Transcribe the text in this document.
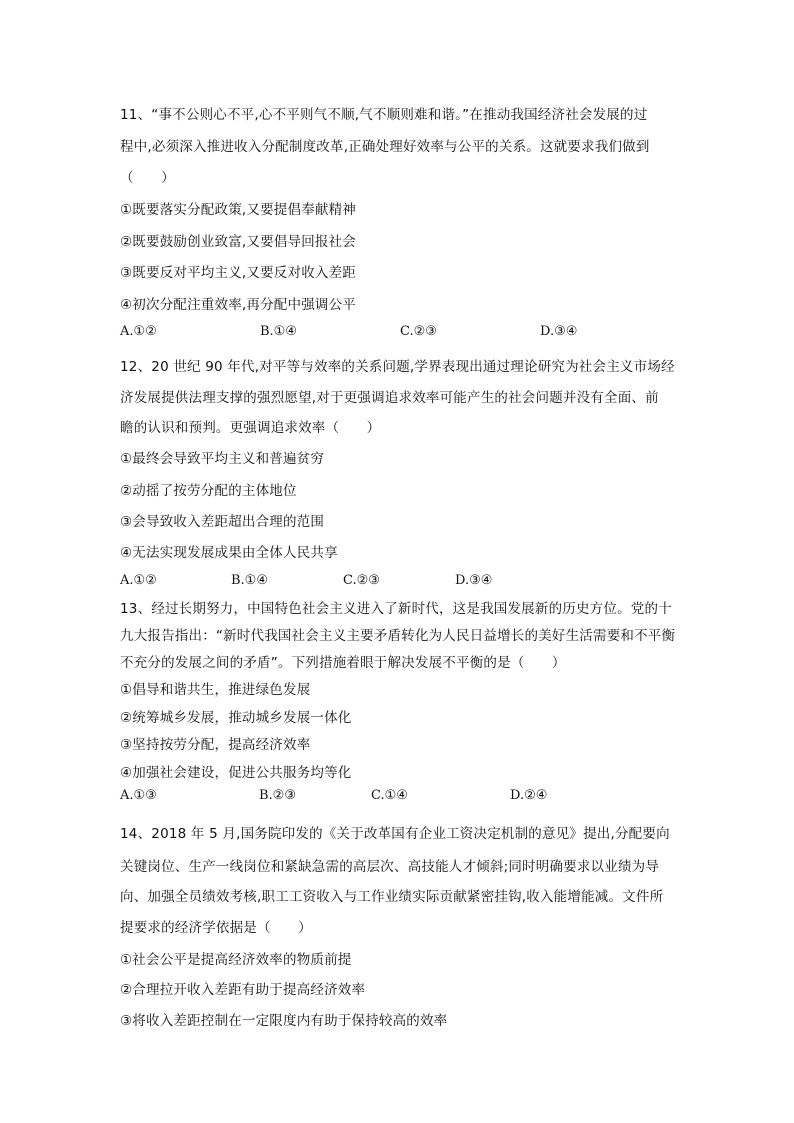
11、“事不公则心不平,心不平则气不顺,气不顺则难和谐。”在推动我国经济社会发展的过
程中,必须深入推进收入分配制度改革,正确处理好效率与公平的关系。这就要求我们做到
（　　）
①既要落实分配政策,又要提倡奉献精神
②既要鼓励创业致富,又要倡导回报社会
③既要反对平均主义,又要反对收入差距
④初次分配注重效率,再分配中强调公平
A.①②	B.①④	C.②③	D.③④
12、20 世纪 90 年代,对平等与效率的关系问题,学界表现出通过理论研究为社会主义市场经
济发展提供法理支撑的强烈愿望,对于更强调追求效率可能产生的社会问题并没有全面、前
瞻的认识和预判。更强调追求效率（　　）
①最终会导致平均主义和普遍贫穷
②动摇了按劳分配的主体地位
③会导致收入差距超出合理的范围
④无法实现发展成果由全体人民共享
A.①②	B.①④	C.②③	D.③④
13、经过长期努力，中国特色社会主义进入了新时代，这是我国发展新的历史方位。党的十
九大报告指出：“新时代我国社会主义主要矛盾转化为人民日益增长的美好生活需要和不平衡
不充分的发展之间的矛盾”。下列措施着眼于解决发展不平衡的是（　　）
①倡导和谐共生，推进绿色发展
②统筹城乡发展，推动城乡发展一体化
③坚持按劳分配，提高经济效率
④加强社会建设，促进公共服务均等化
A.①③	B.②③	C.①④	D.②④
14、2018 年 5 月,国务院印发的《关于改革国有企业工资决定机制的意见》提出,分配要向
关键岗位、生产一线岗位和紧缺急需的高层次、高技能人才倾斜;同时明确要求以业绩为导
向、加强全员绩效考核,职工工资收入与工作业绩实际贡献紧密挂钩,收入能增能减。文件所
提要求的经济学依据是（　　）
①社会公平是提高经济效率的物质前提
②合理拉开收入差距有助于提高经济效率
③将收入差距控制在一定限度内有助于保持较高的效率
